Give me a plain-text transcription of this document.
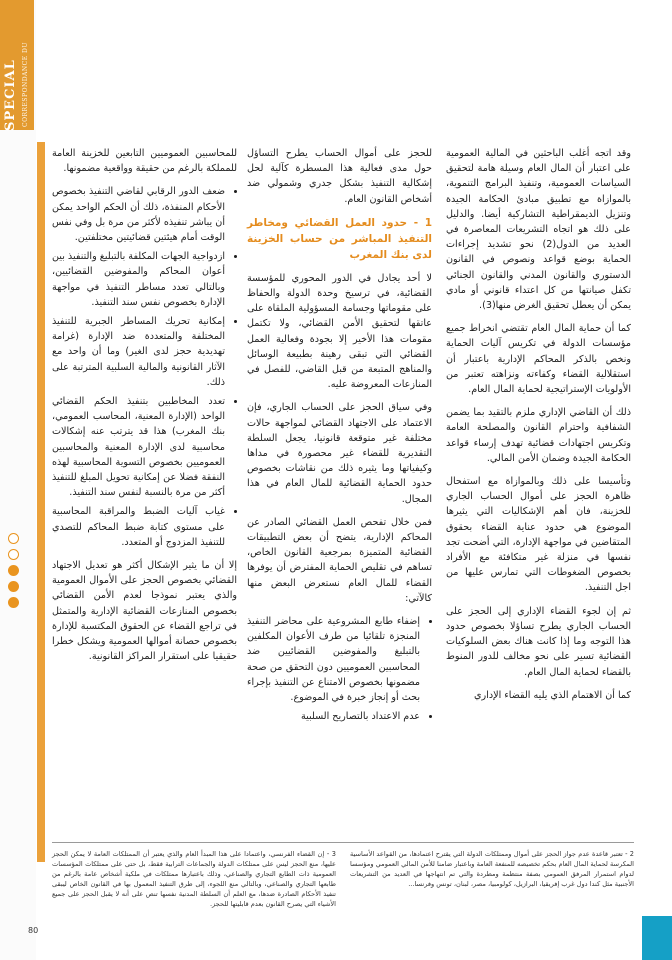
SPECIAL CORRESPONDANCE DU TRÉSOR

وقد اتجه أغلب الباحثين في المالية العمومية على اعتبار أن المال العام وسيلة هامة لتحقيق السياسات العمومية، وتنفيذ البرامج التنموية، بالموازاة مع تطبيق مبادئ الحكامة الجيدة وتنزيل الديمقراطية التشاركية أيضا. والدليل على ذلك هو اتجاه التشريعات المعاصرة في العديد من الدول(2) نحو تشديد إجراءات الحماية بوضع قواعد ونصوص في القانون الدستوري والقانون المدني والقانون الجنائي تكفل صيانتها من كل اعتداء قانوني أو مادي يمكن أن يعطل تحقيق الغرض منها(3).

كما أن حماية المال العام تقتضي انخراط جميع مؤسسات الدولة في تكريس آليات الحماية ونخص بالذكر المحاكم الإدارية باعتبار أن استقلالية القضاء وكفاءته ونزاهته تعتبر من الأولويات الإستراتيجية لحماية المال العام.

ذلك أن القاضي الإداري ملزم بالتقيد بما يضمن الشفافية واحترام القانون والمصلحة العامة وتكريس اجتهادات قضائية تهدف إرساء قواعد الحكامة الجيدة وضمان الأمن المالي.

وتأسيسا على ذلك وبالموازاة مع استفحال ظاهرة الحجز على أموال الحساب الجاري للخزينة، فان أهم الإشكاليات التي يثيرها الموضوع هي حدود عناية القضاء بحقوق المتقاضين في مواجهة الإدارة، التي أضحت تجد نفسها في منزلة غير متكافئة مع الأفراد بخصوص الضغوطات التي تمارس عليها من اجل التنفيذ.

ثم إن لجوء القضاء الإداري إلى الحجز على الحساب الجاري يطرح تساؤلا بخصوص حدود هذا التوجه وما إذا كانت هناك بعض السلوكيات القضائية تسير على نحو مخالف للدور المنوط بالقضاء لحماية المال العام.

كما أن الاهتمام الذي يليه القضاء الإداري

للحجز على أموال الحساب يطرح التساؤل حول مدى فعالية هذا المسطرة كآلية لحل إشكالية التنفيذ بشكل جدري وشمولي ضد أشخاص القانون العام.

1 - حدود العمل القضائي ومخاطر التنفيذ المباشر من حساب الخزينة لدى بنك المغرب

لا أحد يجادل في الدور المحوري للمؤسسة القضائية، في ترسيخ وحدة الدولة والحفاظ على مقوماتها وجسامة المسؤولية الملقاة على عاتقها لتحقيق الأمن القضائي، ولا تكتمل مقومات هذا الأخير إلا بجودة وفعالية العمل القضائي التي تبقى رهينة بطبيعة الوسائل والمناهج المتبعة من قبل القاضي، للفصل في المنازعات المعروضة عليه.

وفي سياق الحجز على الحساب الجاري، فإن الاعتماد على الاجتهاد القضائي لمواجهة حالات مختلفة غير متوقعة قانونيا، يجعل السلطة التقديرية للقضاء غير محصورة في مداها وكيفياتها وما يثيره ذلك من نقاشات بخصوص حدود الحماية القضائية للمال العام في هذا المجال.

فمن خلال تفحص العمل القضائي الصادر عن المحاكم الإدارية، يتضح أن بعض التطبيقات القضائية المتميزة بمرجعية القانون الخاص، تساهم في تقليص الحماية المفترض أن يوفرها القضاء للمال العام نستعرض البعض منها كالآتي:

• إضفاء طابع المشروعية على محاضر التنفيذ المنجزة تلقائيا من طرف الأعوان المكلفين بالتبليغ والمفوضين القضائيين ضد المحاسبين العموميين دون التحقق من صحة مضمونها بخصوص الامتناع عن التنفيذ بإجراء بحث أو إنجاز خبرة في الموضوع.
• عدم الاعتداد بالتصاريح السلبية

للمحاسبين العموميين التابعين للخزينة العامة للمملكة بالرغم من حقيقة وواقعية مضمونها.

• ضعف الدور الرقابي لقاضي التنفيذ بخصوص الأحكام المنفذة، ذلك أن الحكم الواحد يمكن أن يباشر تنفيذه لأكثر من مرة بل وفي نفس الوقت أمام هيئتين قضائيتين مختلفتين.
• ازدواجية الجهات المكلفة بالتبليغ والتنفيذ بين أعوان المحاكم والمفوضين القضائيين، وبالتالي تعدد مساطر التنفيذ في مواجهة الإدارة بخصوص نفس سند التنفيذ.
• إمكانية تحريك المساطر الجبرية للتنفيذ المختلفة والمتعددة ضد الإدارة (غرامة تهديدية حجز لدى الغير) وما أن واحد مع الآثار القانونية والمالية السلبية المترتبة على ذلك.
• تعدد المخاطبين بتنفيذ الحكم القضائي الواحد (الإدارة المعنية، المحاسب العمومي، بنك المغرب) هذا قد يترتب عنه إشكالات محاسبية لدى الإدارة المعنية والمحاسبين العموميين بخصوص التسوية المحاسبية لهذه النفقة فضلا عن إمكانية تحويل المبلغ للتنفيذ أكثر من مرة بالنسبة لنفس سند التنفيذ.
• غياب آليات الضبط والمراقبة المحاسبية على مستوى كتابة ضبط المحاكم للتصدي للتنفيذ المزدوج أو المتعدد.

إلا أن ما يثير الإشكال أكثر هو تعديل الاجتهاد القضائي بخصوص الحجز على الأموال العمومية والذي يعتبر نموذجا لعدم الأمن القضائي بخصوص المنازعات القضائية الإدارية والمتمثل في تراجع القضاء عن الحقوق المكتسبة للإدارة بخصوص حصانة أموالها العمومية ويشكل خطرا حقيقيا على استقرار المراكز القانونية.

2 - تعتبر قاعدة عدم جواز الحجز على أموال وممتلكات الدولة التي يقترح اعتمادها، من القواعد الأساسية المكرسة لحماية المال العام بحكم تخصيصه للمنفعة العامة وباعتبار ضامنا للأمن المالي العمومي ومؤسسا لدوام استمرار المرفق العمومي بصفة منتظمة ومطردة والتي تم انتهاجها في العديد من التشريعات الأجنبية مثل كندا دول غرب إفريقيا، البرازيل، كولومبيا، مصر، لبنان، تونس وفرنسا...
3 - إن القضاء الفرنسي، واعتمادا على هذا المبدأ العام والذي يعتبر أن الممتلكات العامة لا يمكن الحجز عليها، منع الحجز ليس على ممتلكات الدولة والجماعات الترابية فقط، بل حتى على ممتلكات المؤسسات العمومية ذات الطابع التجاري والصناعي، وذلك باعتبارها ممتلكات في ملكية أشخاص عامة بالرغم من طابعها التجاري والصناعي، وبالتالي منع اللجوء، إلى طرق التنفيذ المعمول بها في القانون الخاص ليبقى تنفيذ الأحكام الصادرة ضدها، مع العلم أن السلطة المدنية نفسها تنص على أنه لا يقبل الحجز على جميع الأشياء التي يصرح القانون بعدم قابليتها للحجز.
80
